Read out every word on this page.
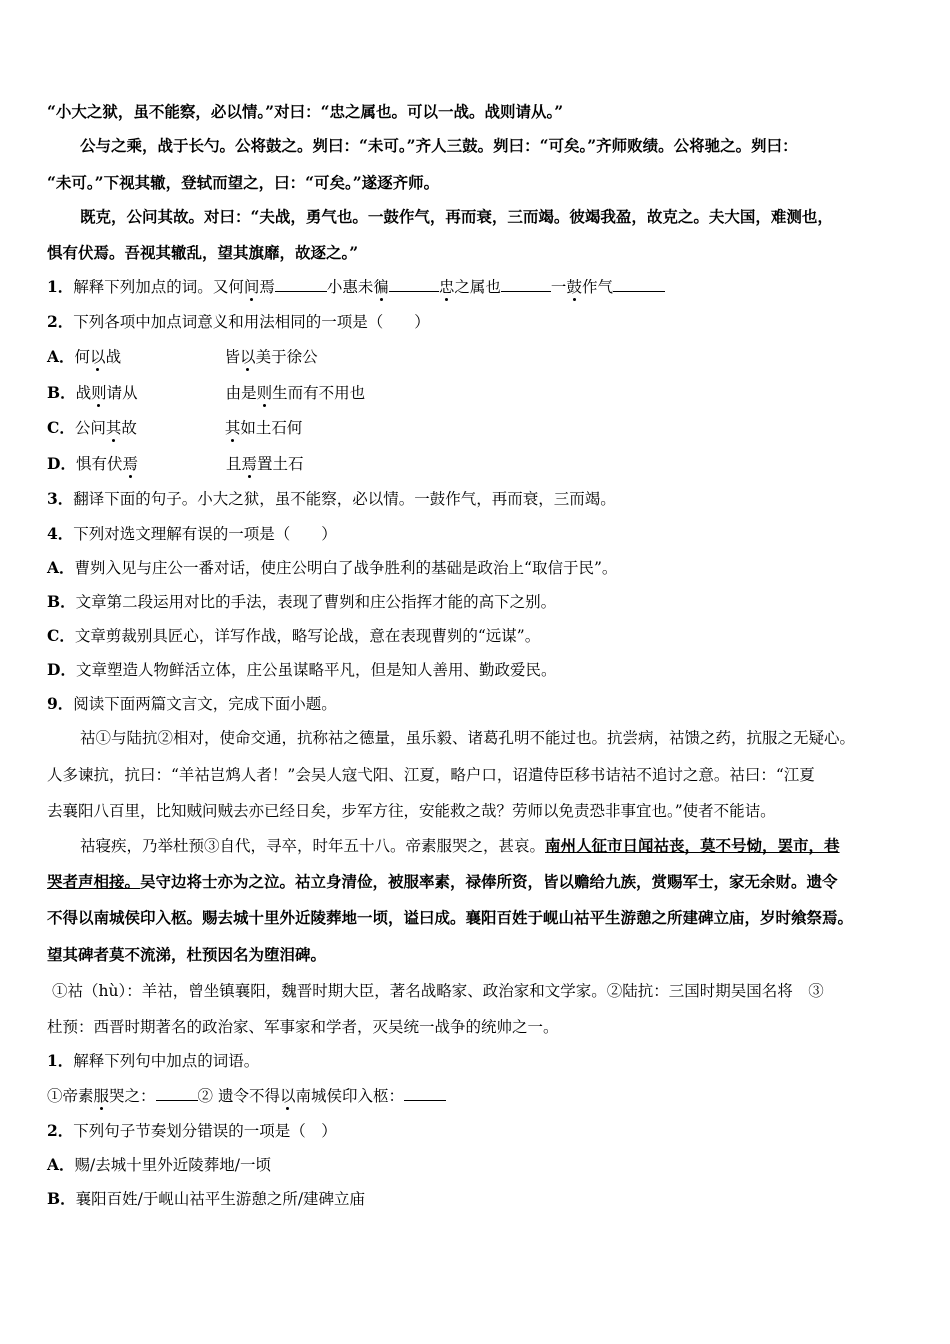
“小大之狱，虽不能察，必以情。”对曰：“忠之属也。可以一战。战则请从。”
公与之乘，战于长勺。公将鼓之。刿曰：“未可。”齐人三鼓。刿曰：“可矣。”齐师败绩。公将驰之。刿曰：
“未可。”下视其辙，登轼而望之，曰：“可矣。”遂逐齐师。
既克，公问其故。对曰：“夫战，勇气也。一鼓作气，再而衰，三而竭。彼竭我盈，故克之。夫大国，难测也，
惧有伏焉。吾视其辙乱，望其旗靡，故逐之。”
1．解释下列加点的词。又何间焉	小惠未徧	忠之属也	一鼓作气
2．下列各项中加点词意义和用法相同的一项是（　　）
A．何以战	皆以美于徐公
B．战则请从	由是则生而有不用也
C．公问其故	其如土石何
D．惧有伏焉	且焉置土石
3．翻译下面的句子。小大之狱，虽不能察，必以情。一鼓作气，再而衰，三而竭。
4．下列对选文理解有误的一项是（　　）
A．曹刿入见与庄公一番对话，使庄公明白了战争胜利的基础是政治上“取信于民”。
B．文章第二段运用对比的手法，表现了曹刿和庄公指挥才能的高下之别。
C．文章剪裁别具匠心，详写作战，略写论战，意在表现曹刿的“远谋”。
D．文章塑造人物鲜活立体，庄公虽谋略平凡，但是知人善用、勤政爱民。
9．阅读下面两篇文言文，完成下面小题。
祜①与陆抗②相对，使命交通，抗称祜之德量，虽乐毅、诸葛孔明不能过也。抗尝病，祜馈之药，抗服之无疑心。
人多谏抗，抗曰：“羊祜岂鸩人者！”会吴人寇弋阳、江夏，略户口，诏遣侍臣移书诘祜不追讨之意。祜曰：“江夏
去襄阳八百里，比知贼问贼去亦已经日矣，步军方往，安能救之哉？劳师以免责恐非事宜也。”使者不能诘。
祜寝疾，乃举杜预③自代，寻卒，时年五十八。帝素服哭之，甚哀。南州人征市日闻祜丧，莫不号恸，罢市，巷
哭者声相接。吴守边将士亦为之泣。祜立身清俭，被服率素，禄俸所资，皆以赡给九族，赏赐军士，家无余财。遗令
不得以南城侯印入柩。赐去城十里外近陵葬地一顷，谥曰成。襄阳百姓于岘山祜平生游憩之所建碑立庙，岁时飨祭焉。
望其碑者莫不流涕，杜预因名为堕泪碑。
①祜（hù）：羊祜，曾坐镇襄阳，魏晋时期大臣，著名战略家、政治家和文学家。②陆抗：三国时期吴国名将　③
杜预：西晋时期著名的政治家、军事家和学者，灭吴统一战争的统帅之一。
1．解释下列句中加点的词语。
①帝素服哭之：	② 遗令不得以南城侯印入柩：
2．下列句子节奏划分错误的一项是（　）
A．赐/去城十里外近陵葬地/一顷
B．襄阳百姓/于岘山祜平生游憩之所/建碑立庙
